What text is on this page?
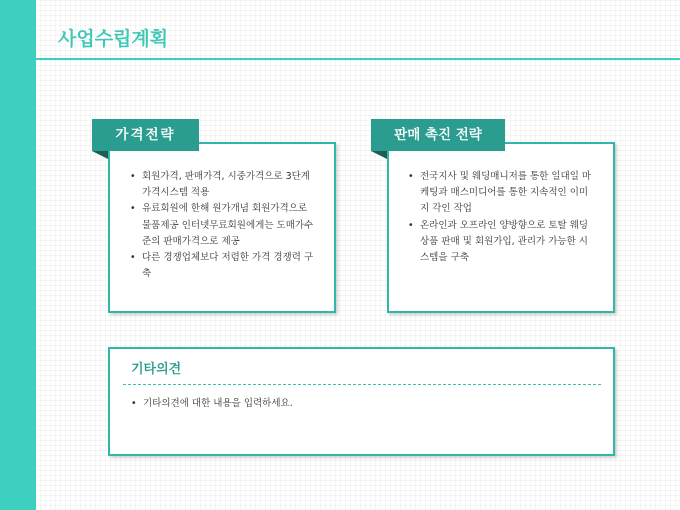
사업수립계획
가격전략
• 회원가격, 판매가격, 시중가격으로 3단계 가격시스템 적용
• 유료회원에 한해 원가개념 회원가격으로 물품제공 인터넷무료회원에게는 도매가수준의 판매가격으로 제공
• 다른 경쟁업체보다 저렴한 가격 경쟁력 구축
판매 촉진 전략
• 전국지사 및 웨딩매니저를 통한 일대일 마케팅과 매스미디어를 통한 지속적인 이미지 각인 작업
• 온라인과 오프라인 양방향으로 토탈 웨딩상품 판매 및 회원가입, 관리가 가능한 시스템을 구축
기타의견
• 기타의견에 대한 내용을 입력하세요.
